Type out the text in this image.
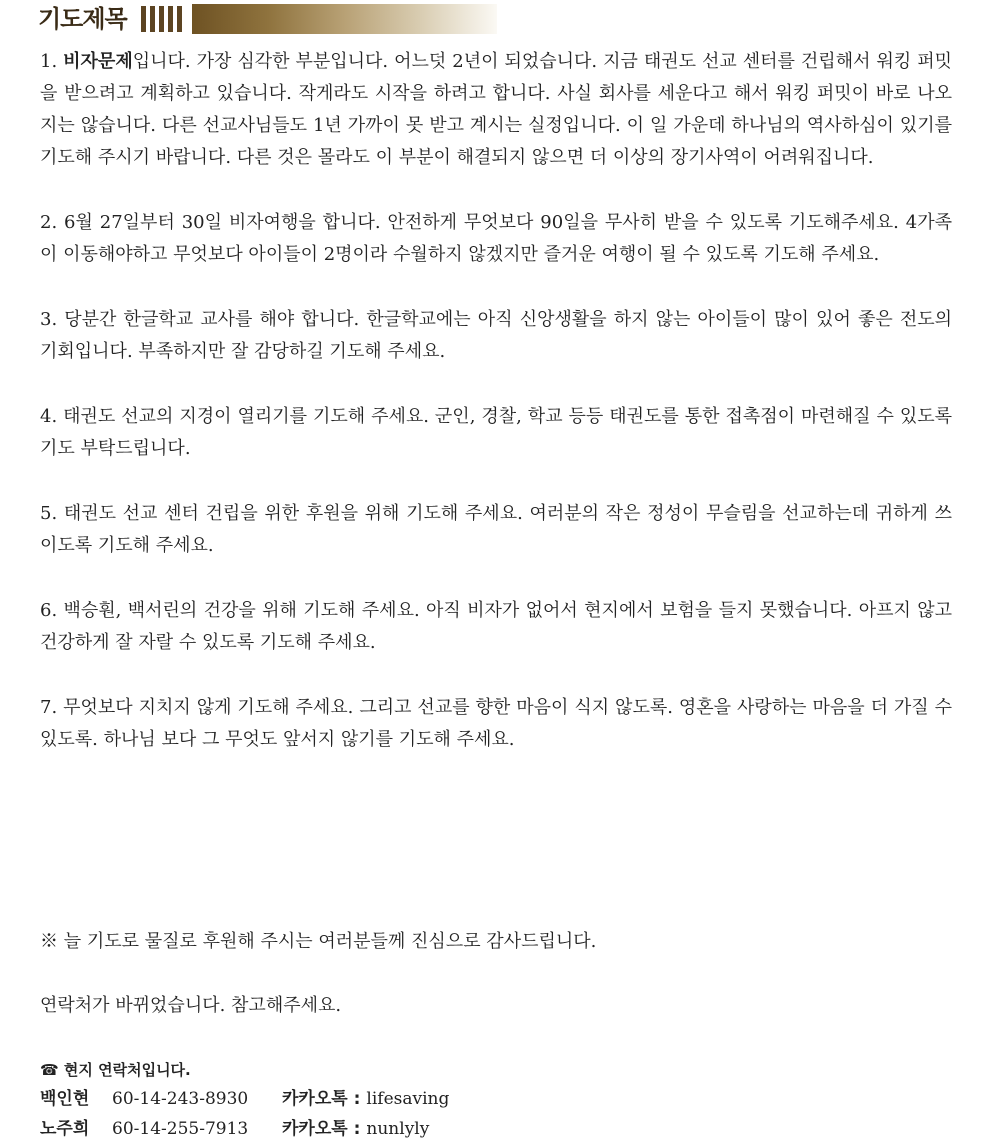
기도제목

1. 비자문제입니다. 가장 심각한 부분입니다. 어느덧 2년이 되었습니다. 지금 태권도 선교 센터를 건립해서 워킹 퍼밋을 받으려고 계획하고 있습니다. 작게라도 시작을 하려고 합니다. 사실 회사를 세운다고 해서 워킹 퍼밋이 바로 나오지는 않습니다. 다른 선교사님들도 1년 가까이 못 받고 계시는 실정입니다. 이 일 가운데 하나님의 역사하심이 있기를 기도해 주시기 바랍니다. 다른 것은 몰라도 이 부분이 해결되지 않으면 더 이상의 장기사역이 어려워집니다.

2. 6월 27일부터 30일 비자여행을 합니다. 안전하게 무엇보다 90일을 무사히 받을 수 있도록 기도해주세요. 4가족이 이동해야하고 무엇보다 아이들이 2명이라 수월하지 않겠지만 즐거운 여행이 될 수 있도록 기도해 주세요.

3. 당분간 한글학교 교사를 해야 합니다. 한글학교에는 아직 신앙생활을 하지 않는 아이들이 많이 있어 좋은 전도의 기회입니다. 부족하지만 잘 감당하길 기도해 주세요.

4. 태권도 선교의 지경이 열리기를 기도해 주세요. 군인, 경찰, 학교 등등 태권도를 통한 접촉점이 마련해질 수 있도록 기도 부탁드립니다.

5. 태권도 선교 센터 건립을 위한 후원을 위해 기도해 주세요. 여러분의 작은 정성이 무슬림을 선교하는데 귀하게 쓰이도록 기도해 주세요.

6. 백승훤, 백서린의 건강을 위해 기도해 주세요. 아직 비자가 없어서 현지에서 보험을 들지 못했습니다. 아프지 않고 건강하게 잘 자랄 수 있도록 기도해 주세요.

7. 무엇보다 지치지 않게 기도해 주세요. 그리고 선교를 향한 마음이 식지 않도록. 영혼을 사랑하는 마음을 더 가질 수 있도록. 하나님 보다 그 무엇도 앞서지 않기를 기도해 주세요.

※ 늘 기도로 물질로 후원해 주시는 여러분들께 진심으로 감사드립니다.

연락처가 바뀌었습니다. 참고해주세요.

☎ 현지 연락처입니다.
백인현	60-14-243-8930	카카오톡 : lifesaving
노주희	60-14-255-7913	카카오톡 : nunlyly
